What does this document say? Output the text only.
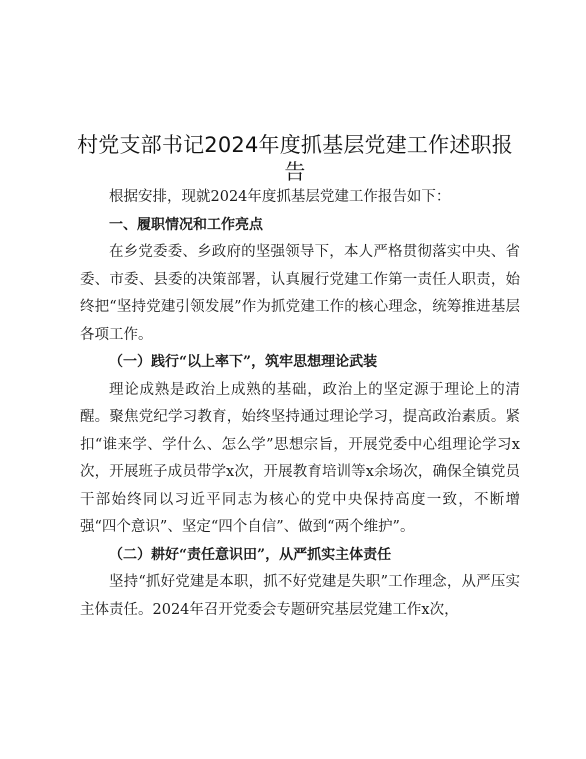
村党支部书记2024年度抓基层党建工作述职报告

根据安排，现就2024年度抓基层党建工作报告如下：

一、履职情况和工作亮点

在乡党委委、乡政府的坚强领导下，本人严格贯彻落实中央、省委、市委、县委的决策部署，认真履行党建工作第一责任人职责，始终把“坚持党建引领发展”作为抓党建工作的核心理念，统筹推进基层各项工作。

（一）践行“以上率下”，筑牢思想理论武装

理论成熟是政治上成熟的基础，政治上的坚定源于理论上的清醒。聚焦党纪学习教育，始终坚持通过理论学习，提高政治素质。紧扣“谁来学、学什么、怎么学”思想宗旨，开展党委中心组理论学习x次，开展班子成员带学x次，开展教育培训等x余场次，确保全镇党员干部始终同以习近平同志为核心的党中央保持高度一致，不断增强“四个意识”、坚定“四个自信”、做到“两个维护”。

（二）耕好“责任意识田”，从严抓实主体责任

坚持“抓好党建是本职，抓不好党建是失职”工作理念，从严压实主体责任。2024年召开党委会专题研究基层党建工作x次，
